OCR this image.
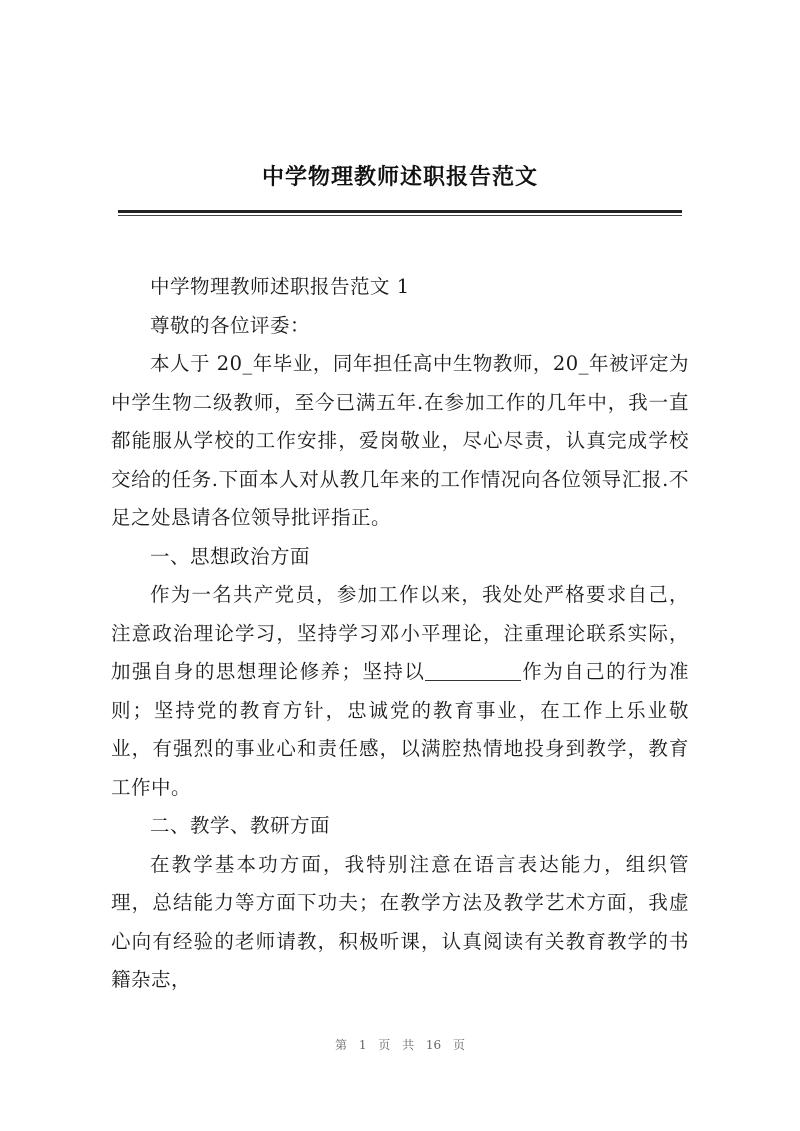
中学物理教师述职报告范文

中学物理教师述职报告范文 1

尊敬的各位评委：

本人于 20_年毕业，同年担任高中生物教师，20_年被评定为中学生物二级教师，至今已满五年.在参加工作的几年中，我一直都能服从学校的工作安排，爱岗敬业，尽心尽责，认真完成学校交给的任务.下面本人对从教几年来的工作情况向各位领导汇报.不足之处恳请各位领导批评指正。

一、思想政治方面

作为一名共产党员，参加工作以来，我处处严格要求自己，注意政治理论学习，坚持学习邓小平理论，注重理论联系实际，加强自身的思想理论修养；坚持以	作为自己的行为准则；坚持党的教育方针，忠诚党的教育事业，在工作上乐业敬业，有强烈的事业心和责任感，以满腔热情地投身到教学，教育工作中。

二、教学、教研方面

在教学基本功方面，我特别注意在语言表达能力，组织管理，总结能力等方面下功夫；在教学方法及教学艺术方面，我虚心向有经验的老师请教，积极听课，认真阅读有关教育教学的书籍杂志，

第 1 页 共 16 页
